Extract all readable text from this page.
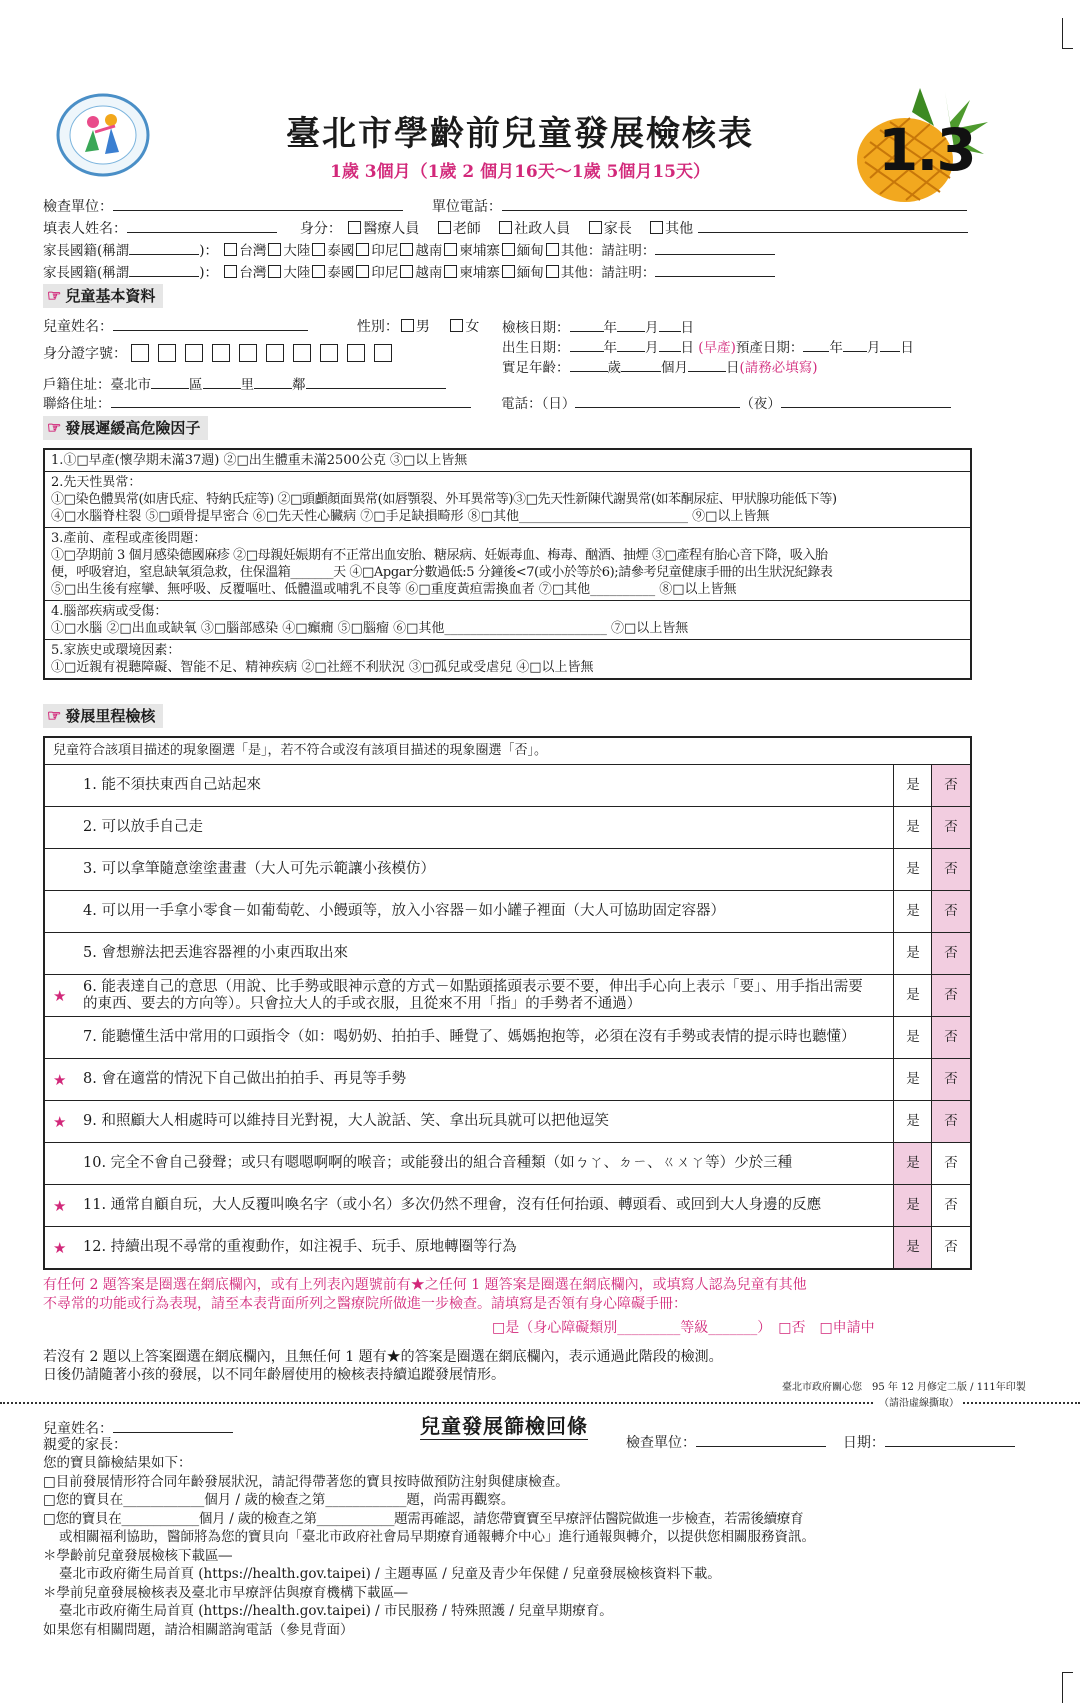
1.3
臺北市學齡前兒童發展檢核表
1歲 3個月（1歲 2 個月16天～1歲 5個月15天）
檢查單位：	單位電話：
填表人姓名：	身分： 醫療人員 老師 社政人員 家長 其他
家長國籍(稱謂	)： 台灣 大陸 泰國 印尼 越南 柬埔寨 緬甸 其他：請註明：
家長國籍(稱謂	)： 台灣 大陸 泰國 印尼 越南 柬埔寨 緬甸 其他：請註明：
☞ 兒童基本資料
兒童姓名：	性別： 男	女	檢核日期：	年 月 日
身分證字號：	出生日期：	年 月 日 (早產)預產日期： 年 月 日
實足年齡：	歲	個月	日(請務必填寫)
戶籍住址：臺北市	區	里	鄰
聯絡住址：	電話：（日）	（夜）
☞ 發展遲緩高危險因子
1.①□早產(懷孕期未滿37週) ②□出生體重未滿2500公克 ③□以上皆無
2.先天性異常：
①□染色體異常(如唐氏症、特納氏症等) ②□頭顱顏面異常(如唇顎裂、外耳異常等)③□先天性新陳代謝異常(如苯酮尿症、甲狀腺功能低下等)
④□水腦脊柱裂 ⑤□頭骨提早密合 ⑥□先天性心臟病 ⑦□手足缺損畸形 ⑧□其他__________________________ ⑨□以上皆無
3.產前、產程或產後問題：
①□孕期前 3 個月感染德國麻疹 ②□母親妊娠期有不正常出血安胎、糖尿病、妊娠毒血、梅毒、酗酒、抽煙 ③□產程有胎心音下降，吸入胎
便，呼吸窘迫，窒息缺氧須急救，住保溫箱_______天 ④□Apgar分數過低:5 分鐘後<7(或小於等於6);請參考兒童健康手冊的出生狀況紀錄表
⑤□出生後有痙攣、無呼吸、反覆嘔吐、低體溫或哺乳不良等 ⑥□重度黃疸需換血者 ⑦□其他__________ ⑧□以上皆無
4.腦部疾病或受傷：
①□水腦 ②□出血或缺氧 ③□腦部感染 ④□癲癇 ⑤□腦瘤 ⑥□其他_________________________ ⑦□以上皆無
5.家族史或環境因素：
①□近親有視聽障礙、智能不足、精神疾病 ②□社經不利狀況 ③□孤兒或受虐兒 ④□以上皆無
☞ 發展里程檢核
兒童符合該項目描述的現象圈選「是」，若不符合或沒有該項目描述的現象圈選「否」。
1. 能不須扶東西自己站起來	是	否
2. 可以放手自己走	是	否
3. 可以拿筆隨意塗塗畫畫（大人可先示範讓小孩模仿）	是	否
4. 可以用一手拿小零食－如葡萄乾、小饅頭等，放入小容器－如小罐子裡面（大人可協助固定容器）	是	否
5. 會想辦法把丟進容器裡的小東西取出來	是	否
★
6. 能表達自己的意思（用說、比手勢或眼神示意的方式－如點頭搖頭表示要不要，伸出手心向上表示「要」、用手指出需要的東西、要去的方向等）。只會拉大人的手或衣服，且從來不用「指」的手勢者不通過）
是	否
7. 能聽懂生活中常用的口頭指令（如：喝奶奶、拍拍手、睡覺了、媽媽抱抱等，必須在沒有手勢或表情的提示時也聽懂）	是	否
★	8. 會在適當的情況下自己做出拍拍手、再見等手勢	是	否
★	9. 和照顧大人相處時可以維持目光對視，大人說話、笑、拿出玩具就可以把他逗笑	是	否
10. 完全不會自己發聲；或只有嗯嗯啊啊的喉音；或能發出的組合音種類（如ㄅㄚ、ㄉㄧ、ㄍㄨㄚ等）少於三種	是	否
★	11. 通常自顧自玩，大人反覆叫喚名字（或小名）多次仍然不理會，沒有任何抬頭、轉頭看、或回到大人身邊的反應	是	否
★	12. 持續出現不尋常的重複動作，如注視手、玩手、原地轉圈等行為	是	否
有任何 2 題答案是圈選在網底欄內，或有上列表內題號前有★之任何 1 題答案是圈選在網底欄內，或填寫人認為兒童有其他
不尋常的功能或行為表現，請至本表背面所列之醫療院所做進一步檢查。請填寫是否領有身心障礙手冊：
□是（身心障礙類別_________等級_______）　□否　□申請中
若沒有 2 題以上答案圈選在網底欄內，且無任何 1 題有★的答案是圈選在網底欄內，表示通過此階段的檢測。
日後仍請隨著小孩的發展，以不同年齡層使用的檢核表持續追蹤發展情形。
臺北市政府關心您　95 年 12 月修定二版 / 111年印製
（請沿虛線撕取）
兒童發展篩檢回條
兒童姓名：
親愛的家長：	檢查單位：	日期：
您的寶貝篩檢結果如下：
□目前發展情形符合同年齡發展狀況，請記得帶著您的寶貝按時做預防注射與健康檢查。
□您的寶貝在____________個月 / 歲的檢查之第____________題，尚需再觀察。
□您的寶貝在____________個月 / 歲的檢查之第____________題需再確認，請您帶寶寶至早療評估醫院做進一步檢查，若需後續療育
或相關福利協助，醫師將為您的寶貝向「臺北市政府社會局早期療育通報轉介中心」進行通報與轉介，以提供您相關服務資訊。
＊學齡前兒童發展檢核下載區―
臺北市政府衛生局首頁 (https://health.gov.taipei) / 主題專區 / 兒童及青少年保健 / 兒童發展檢核資料下載。
＊學前兒童發展檢核表及臺北市早療評估與療育機構下載區―
臺北市政府衛生局首頁 (https://health.gov.taipei) / 市民服務 / 特殊照護 / 兒童早期療育。
如果您有相關問題，請洽相關諮詢電話（參見背面）
